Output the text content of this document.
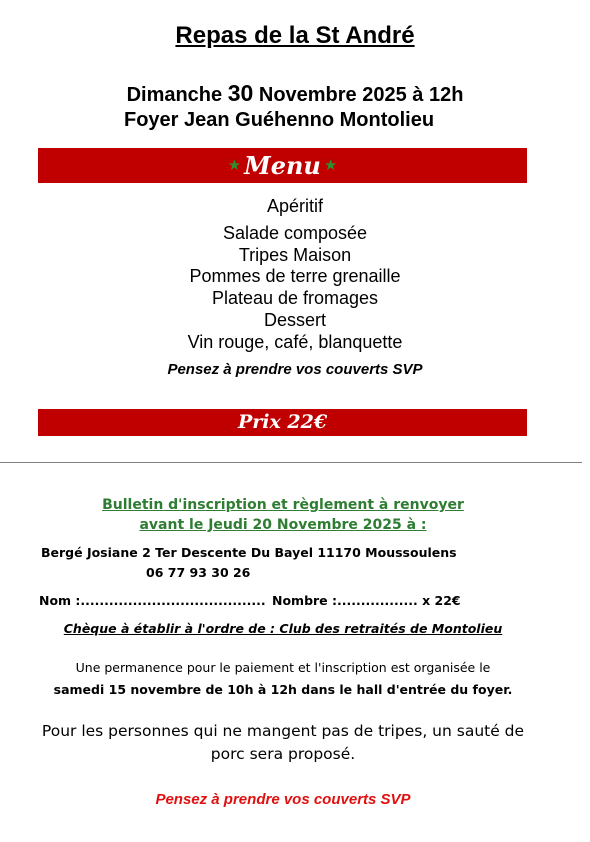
Repas de la St André
Dimanche 30 Novembre 2025 à 12h
Foyer Jean Guéhenno Montolieu
★ Menu ★
Apéritif
Salade composée
Tripes Maison
Pommes de terre grenaille
Plateau de fromages
Dessert
Vin rouge, café, blanquette
Pensez à prendre vos couverts SVP
Prix 22€
Bulletin d'inscription et règlement à renvoyer
avant le Jeudi 20 Novembre 2025 à :
Bergé Josiane 2 Ter Descente Du Bayel 11170 Moussoulens
06 77 93 30 26
Nom :....................................... Nombre :................. x 22€
Chèque à établir à l'ordre de : Club des retraités de Montolieu
Une permanence pour le paiement et l'inscription est organisée le
samedi 15 novembre de 10h à 12h dans le hall d'entrée du foyer.
Pour les personnes qui ne mangent pas de tripes, un sauté de
porc sera proposé.
Pensez à prendre vos couverts SVP
